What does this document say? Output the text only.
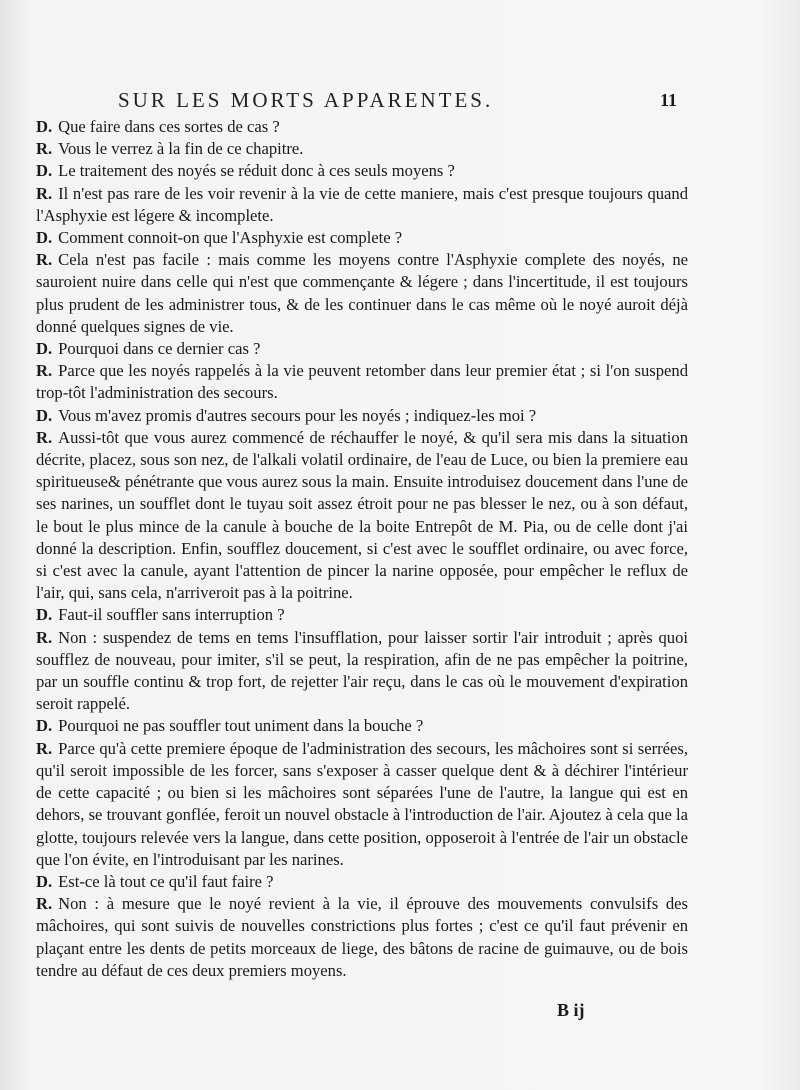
SUR LES MORTS APPARENTES.	11

D. Que faire dans ces sortes de cas ?

R. Vous le verrez à la fin de ce chapitre.

D. Le traitement des noyés se réduit donc à ces seuls moyens ?

R. Il n'est pas rare de les voir revenir à la vie de cette maniere, mais c'est presque toujours quand l'Asphyxie est légere & incomplete.

D. Comment connoit-on que l'Asphyxie est complete ?

R. Cela n'est pas facile : mais comme les moyens contre l'Asphyxie complete des noyés, ne sauroient nuire dans celle qui n'est que commençante & légere ; dans l'incertitude, il est toujours plus prudent de les administrer tous, & de les continuer dans le cas même où le noyé auroit déjà donné quelques signes de vie.

D. Pourquoi dans ce dernier cas ?

R. Parce que les noyés rappelés à la vie peuvent retomber dans leur premier état ; si l'on suspend trop-tôt l'administration des secours.

D. Vous m'avez promis d'autres secours pour les noyés ; indiquez-les moi ?

R. Aussi-tôt que vous aurez commencé de réchauffer le noyé, & qu'il sera mis dans la situation décrite, placez, sous son nez, de l'alkali volatil ordinaire, de l'eau de Luce, ou bien la premiere eau spiritueuse& pénétrante que vous aurez sous la main. Ensuite introduisez doucement dans l'une de ses narines, un soufflet dont le tuyau soit assez étroit pour ne pas blesser le nez, ou à son défaut, le bout le plus mince de la canule à bouche de la boite Entrepôt de M. Pia, ou de celle dont j'ai donné la description. Enfin, soufflez doucement, si c'est avec le soufflet ordinaire, ou avec force, si c'est avec la canule, ayant l'attention de pincer la narine opposée, pour empêcher le reflux de l'air, qui, sans cela, n'arriveroit pas à la poitrine.

D. Faut-il souffler sans interruption ?

R. Non : suspendez de tems en tems l'insufflation, pour laisser sortir l'air introduit ; après quoi soufflez de nouveau, pour imiter, s'il se peut, la respiration, afin de ne pas empêcher la poitrine, par un souffle continu & trop fort, de rejetter l'air reçu, dans le cas où le mouvement d'expiration seroit rappelé.

D. Pourquoi ne pas souffler tout uniment dans la bouche ?

R. Parce qu'à cette premiere époque de l'administration des secours, les mâchoires sont si serrées, qu'il seroit impossible de les forcer, sans s'exposer à casser quelque dent & à déchirer l'intérieur de cette capacité ; ou bien si les mâchoires sont séparées l'une de l'autre, la langue qui est en dehors, se trouvant gonflée, feroit un nouvel obstacle à l'introduction de l'air. Ajoutez à cela que la glotte, toujours relevée vers la langue, dans cette position, opposeroit à l'entrée de l'air un obstacle que l'on évite, en l'introduisant par les narines.

D. Est-ce là tout ce qu'il faut faire ?

R. Non : à mesure que le noyé revient à la vie, il éprouve des mouvements convulsifs des mâchoires, qui sont suivis de nouvelles constrictions plus fortes ; c'est ce qu'il faut prévenir en plaçant entre les dents de petits morceaux de liege, des bâtons de racine de guimauve, ou de bois tendre au défaut de ces deux premiers moyens.

B ij
